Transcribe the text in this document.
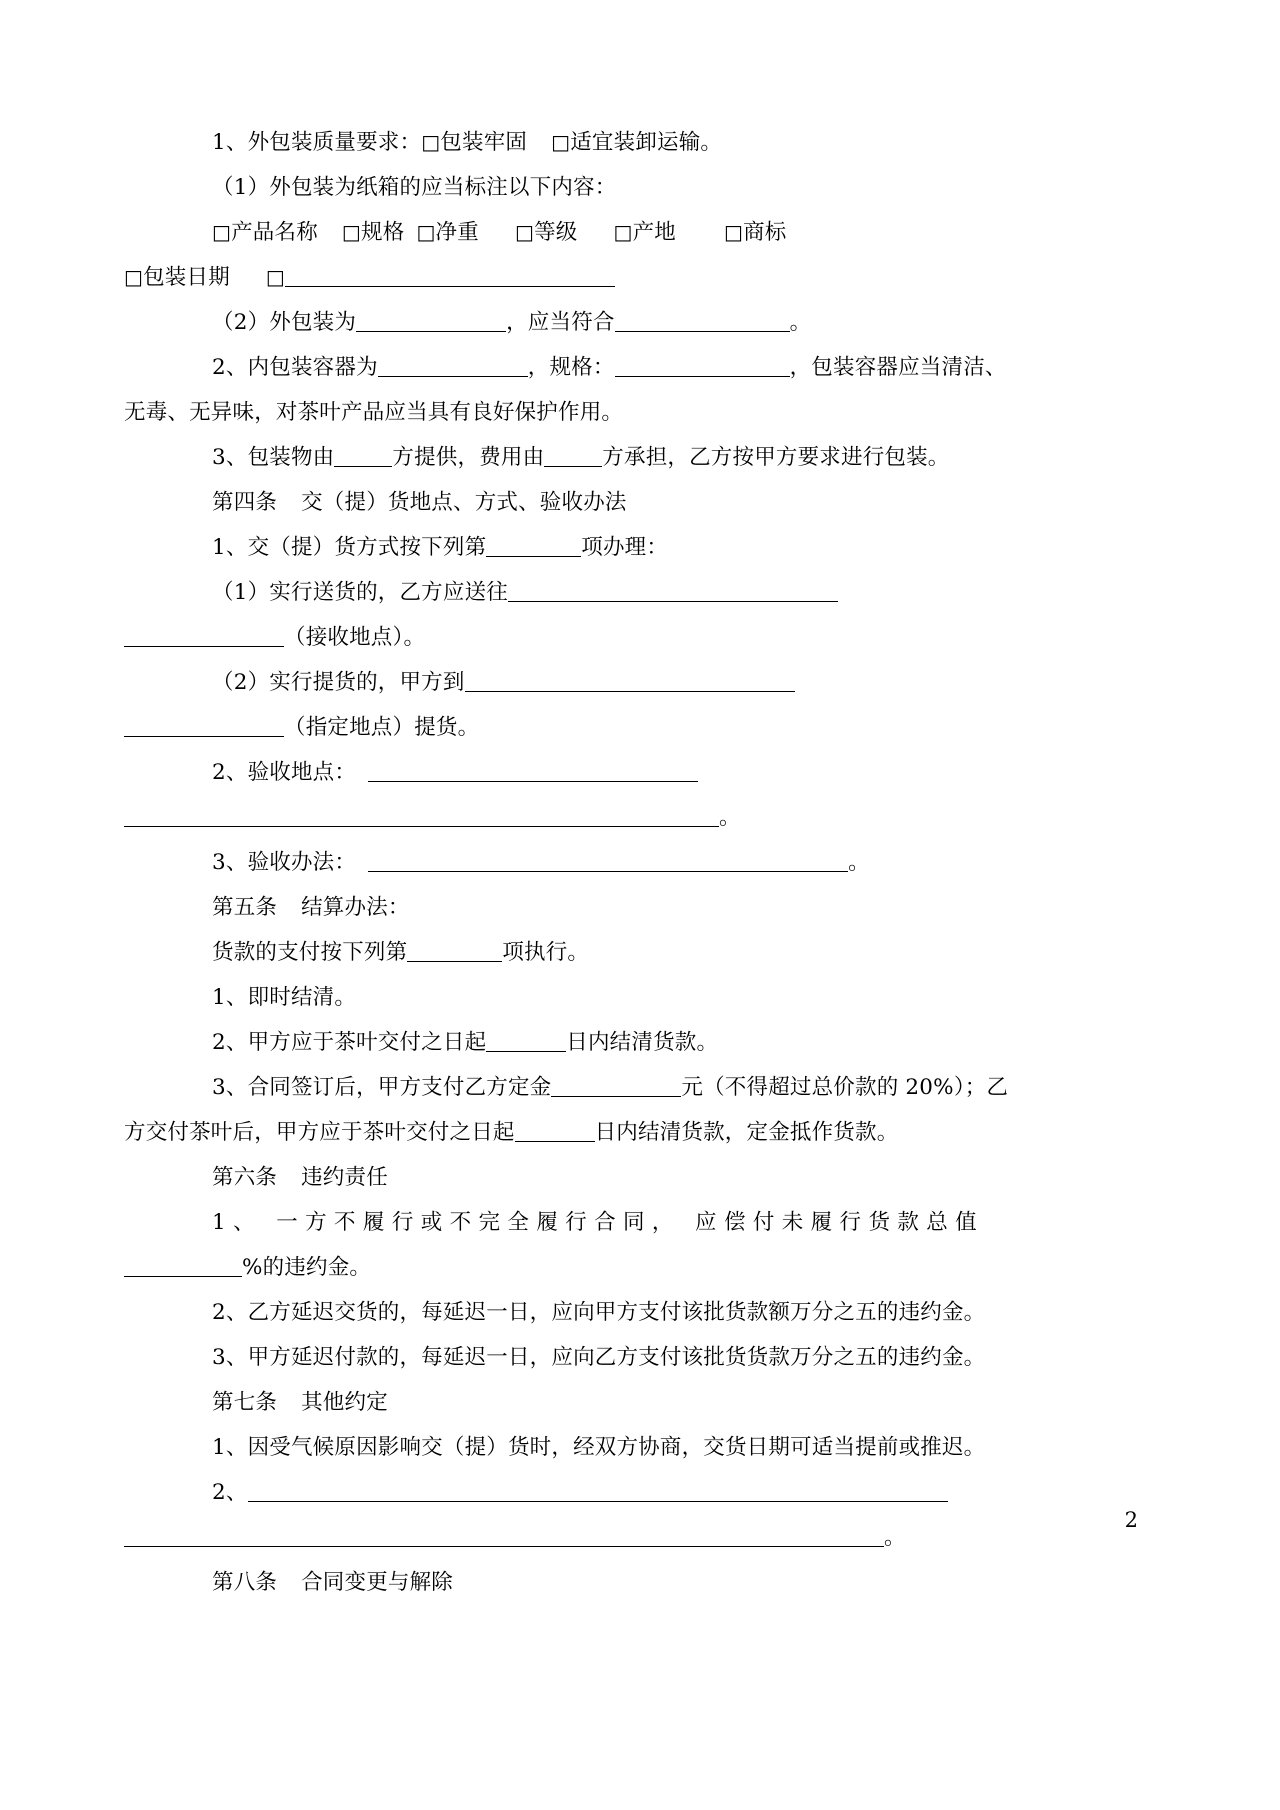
1、外包装质量要求： □ 包装牢固 □ 适宜装卸运输。
（1）外包装为纸箱的应当标注以下内容：
□ 产品名称 □ 规格 □ 净重 □	等级 □	产地 □	商标
□ 包装日期□
（2）外包装为	，应当符合	。
2、内包装容器为	，规格：	，包装容器应当清洁、
无毒、无异味，对茶叶产品应当具有良好保护作用。
3、包装物由	方提供，费用由	方承担，乙方按甲方要求进行包装。
第四条 交（提）货地点、方式、验收办法
1、交（提）货方式按下列第	项办理：
（1）实行送货的，乙方应送往
（接收地点）。
（2）实行提货的，甲方到
（指定地点）提货。
2、验收地点：
。
3、验收办法：	。
第五条 结算办法：
货款的支付按下列第	项执行。
1、即时结清。
2、甲方应于茶叶交付之日起	日内结清货款。
3、合同签订后，甲方支付乙方定金	元（不得超过总价款的 20%）；乙
方交付茶叶后，甲方应于茶叶交付之日起	日内结清货款，定金抵作货款。
第六条 违约责任
1、 一方不履行或不完全履行合同， 应偿付未履行货款总值
%的违约金。
2、乙方延迟交货的，每延迟一日，应向甲方支付该批货款额万分之五的违约金。
3、甲方延迟付款的，每延迟一日，应向乙方支付该批货货款万分之五的违约金。
第七条 其他约定
1、因受气候原因影响交（提）货时，经双方协商，交货日期可适当提前或推迟。
2、
。
第八条 合同变更与解除
2
